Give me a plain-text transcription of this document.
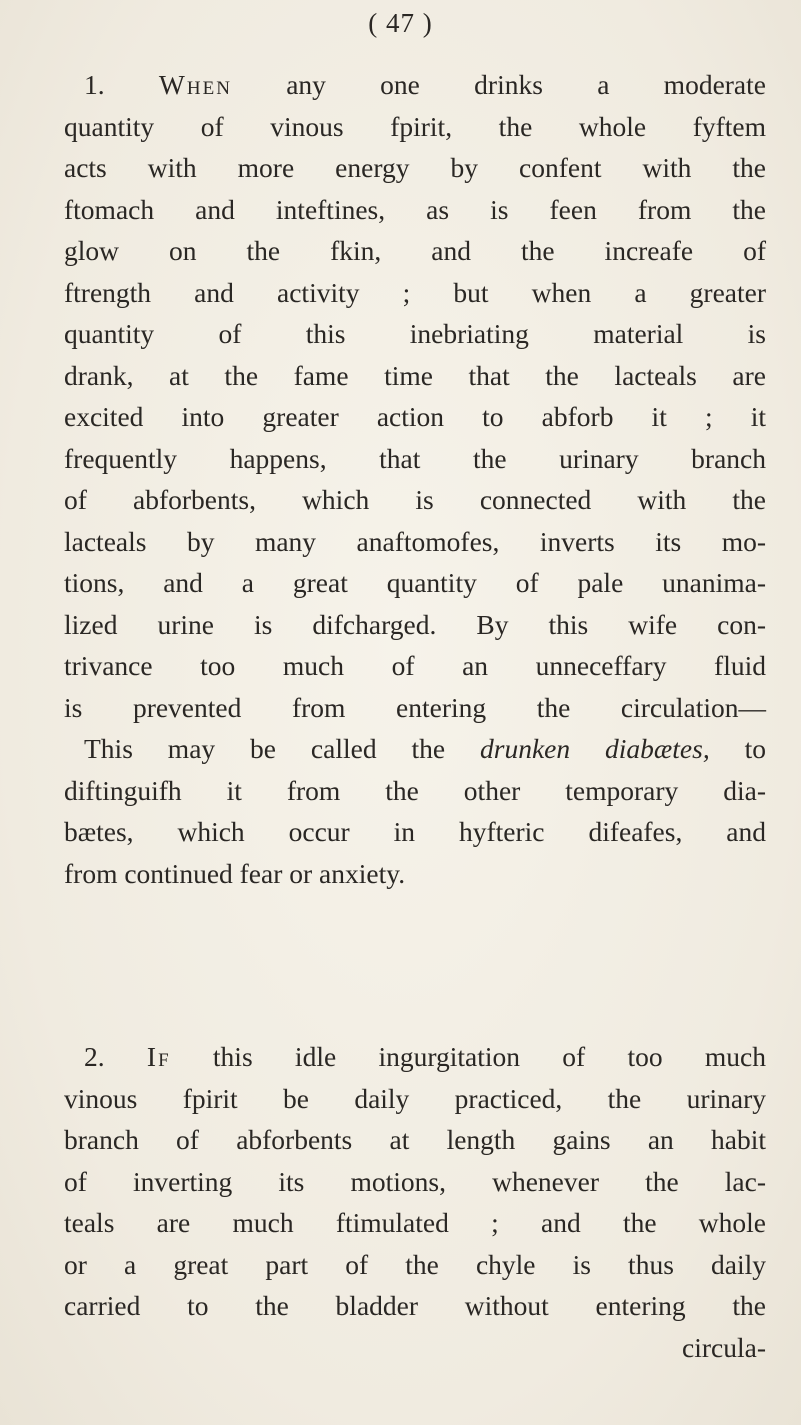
( 47 )
1. When any one drinks a moderate
quantity of vinous fpirit, the whole fyftem
acts with more energy by confent with the
ftomach and inteftines, as is feen from the
glow on the fkin, and the increafe of
ftrength and activity ; but when a greater
quantity of this inebriating material is
drank, at the fame time that the lacteals are
excited into greater action to abforb it ; it
frequently happens, that the urinary branch
of abforbents, which is connected with the
lacteals by many anaftomofes, inverts its mo-
tions, and a great quantity of pale unanima-
lized urine is difcharged. By this wife con-
trivance too much of an unneceffary fluid
is prevented from entering the circulation—
This may be called the drunken diabætes, to
diftinguifh it from the other temporary dia-
bætes, which occur in hyfteric difeafes, and
from continued fear or anxiety.
2. If this idle ingurgitation of too much
vinous fpirit be daily practiced, the urinary
branch of abforbents at length gains an habit
of inverting its motions, whenever the lac-
teals are much ftimulated ; and the whole
or a great part of the chyle is thus daily
carried to the bladder without entering the
circula-
